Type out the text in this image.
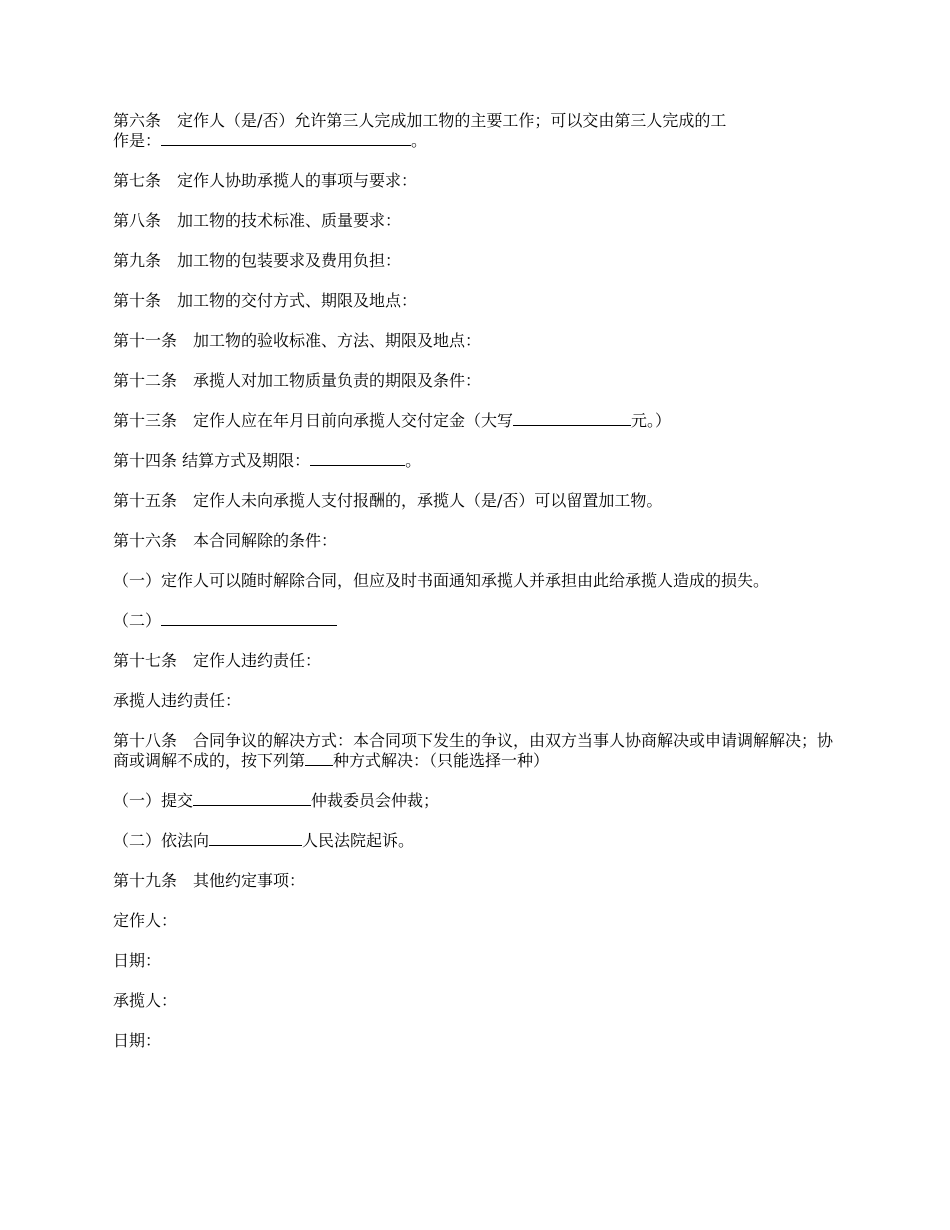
第六条　定作人（是/否）允许第三人完成加工物的主要工作；可以交由第三人完成的工
作是：	。

第七条　定作人协助承揽人的事项与要求：

第八条　加工物的技术标准、质量要求：

第九条　加工物的包装要求及费用负担：

第十条　加工物的交付方式、期限及地点：

第十一条　加工物的验收标准、方法、期限及地点：

第十二条　承揽人对加工物质量负责的期限及条件：

第十三条　定作人应在年月日前向承揽人交付定金（大写	元。）

第十四条 结算方式及期限：	。

第十五条　定作人未向承揽人支付报酬的，承揽人（是/否）可以留置加工物。

第十六条　本合同解除的条件：

（一）定作人可以随时解除合同，但应及时书面通知承揽人并承担由此给承揽人造成的损失。

（二）

第十七条　定作人违约责任：

承揽人违约责任：

第十八条　合同争议的解决方式：本合同项下发生的争议，由双方当事人协商解决或申请调解解决；协商或调解不成的，按下列第 种方式解决：（只能选择一种）

（一）提交	仲裁委员会仲裁；

（二）依法向	人民法院起诉。

第十九条　其他约定事项：

定作人：

日期：

承揽人：

日期：
